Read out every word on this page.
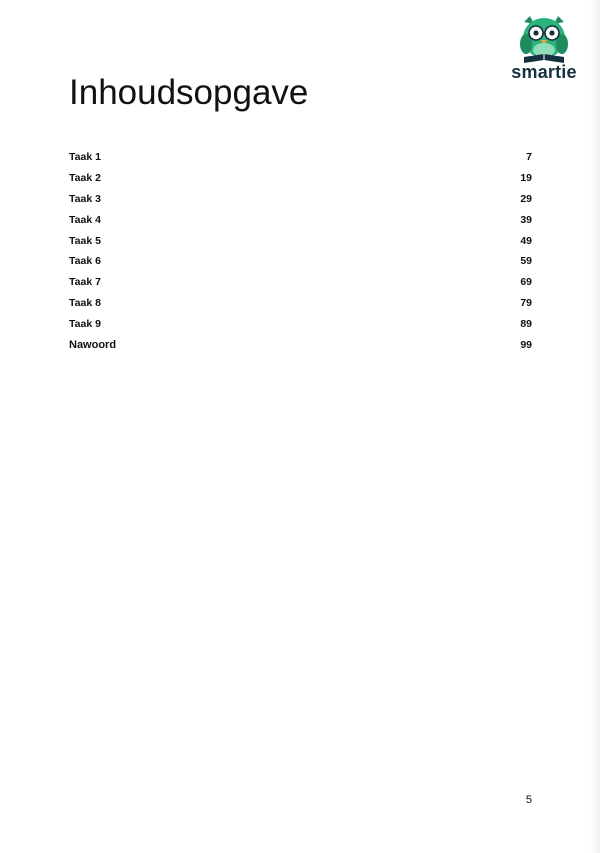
smartie
Inhoudsopgave
Taak 1	7
Taak 2	19
Taak 3	29
Taak 4	39
Taak 5	49
Taak 6	59
Taak 7	69
Taak 8	79
Taak 9	89
Nawoord	99
5
